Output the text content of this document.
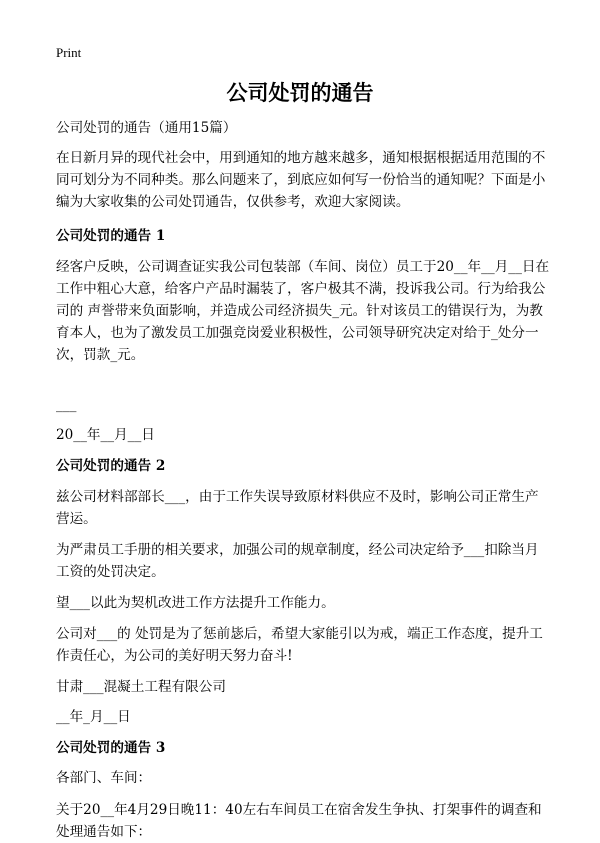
Print
公司处罚的通告

公司处罚的通告（通用15篇）

在日新月异的现代社会中，用到通知的地方越来越多，通知根据根据适用范围的不同可划分为不同种类。那么问题来了，到底应如何写一份恰当的通知呢？下面是小编为大家收集的公司处罚通告，仅供参考，欢迎大家阅读。

公司处罚的通告 1

经客户反映，公司调查证实我公司包装部（车间、岗位）员工于20__年__月__日在工作中粗心大意，给客户产品时漏装了，客户极其不满，投诉我公司。行为给我公司的 声誉带来负面影响，并造成公司经济损失_元。针对该员工的错误行为，为教育本人，也为了激发员工加强竞岗爱业积极性，公司领导研究决定对给于_处分一次，罚款_元。

___

20__年__月__日

公司处罚的通告 2

兹公司材料部部长___，由于工作失误导致原材料供应不及时，影响公司正常生产营运。

为严肃员工手册的相关要求，加强公司的规章制度，经公司决定给予___扣除当月工资的处罚决定。

望___以此为契机改进工作方法提升工作能力。

公司对___的 处罚是为了惩前毖后，希望大家能引以为戒，端正工作态度，提升工作责任心，为公司的美好明天努力奋斗!

甘肃___混凝土工程有限公司

__年_月__日

公司处罚的通告 3

各部门、车间：

关于20__年4月29日晚11：40左右车间员工在宿舍发生争执、打架事件的调查和处理通告如下：
